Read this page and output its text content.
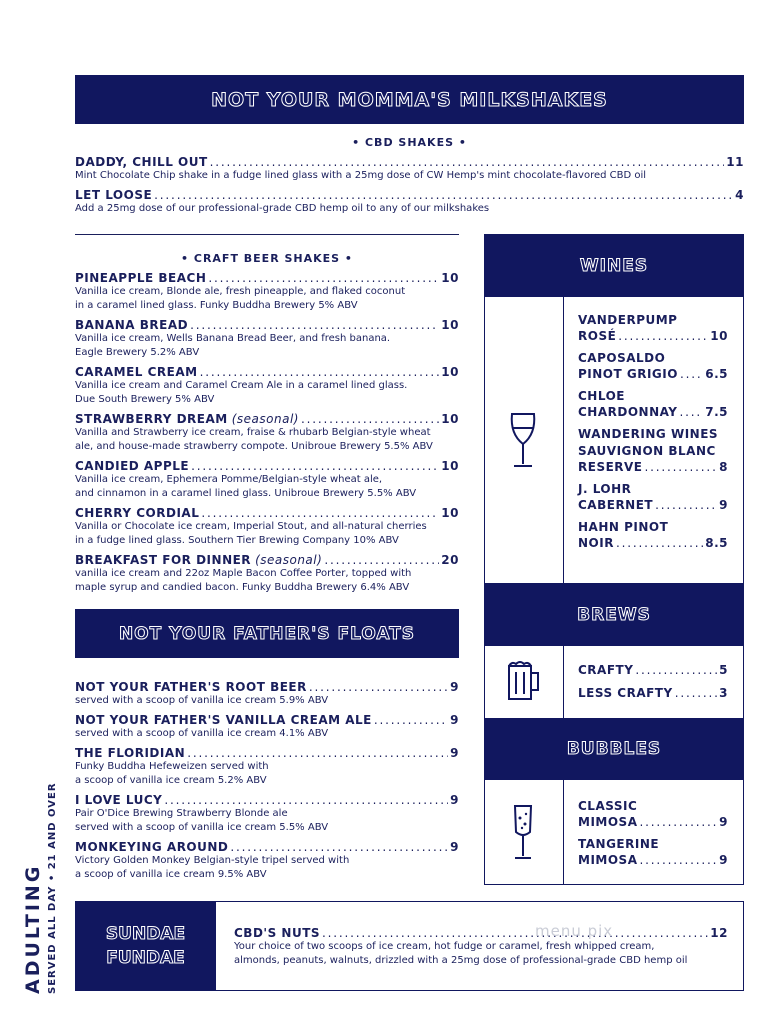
NOT YOUR MOMMA'S MILKSHAKES
• CBD SHAKES •
DADDY, CHILL OUT . . .	11
Mint Chocolate Chip shake in a fudge lined glass with a 25mg dose of CW Hemp's mint chocolate-flavored CBD oil
LET LOOSE . . .	4
Add a 25mg dose of our professional-grade CBD hemp oil to any of our milkshakes
• CRAFT BEER SHAKES •
PINEAPPLE BEACH . . .	10
Vanilla ice cream, Blonde ale, fresh pineapple, and flaked coconut
in a caramel lined glass. Funky Buddha Brewery 5% ABV
BANANA BREAD . . .	10
Vanilla ice cream, Wells Banana Bread Beer, and fresh banana.
Eagle Brewery 5.2% ABV
CARAMEL CREAM . . .	10
Vanilla ice cream and Caramel Cream Ale in a caramel lined glass.
Due South Brewery 5% ABV
STRAWBERRY DREAM (seasonal) . . .	10
Vanilla and Strawberry ice cream, fraise & rhubarb Belgian-style wheat
ale, and house-made strawberry compote. Unibroue Brewery 5.5% ABV
CANDIED APPLE . . .	10
Vanilla ice cream, Ephemera Pomme/Belgian-style wheat ale,
and cinnamon in a caramel lined glass. Unibroue Brewery 5.5% ABV
CHERRY CORDIAL . . .	10
Vanilla or Chocolate ice cream, Imperial Stout, and all-natural cherries
in a fudge lined glass. Southern Tier Brewing Company 10% ABV
BREAKFAST FOR DINNER (seasonal) . . .	20
vanilla ice cream and 22oz Maple Bacon Coffee Porter, topped with
maple syrup and candied bacon. Funky Buddha Brewery 6.4% ABV
NOT YOUR FATHER'S FLOATS
NOT YOUR FATHER'S ROOT BEER . . .	9
served with a scoop of vanilla ice cream 5.9% ABV
NOT YOUR FATHER'S VANILLA CREAM ALE . . .	9
served with a scoop of vanilla ice cream 4.1% ABV
THE FLORIDIAN . . .	9
Funky Buddha Hefeweizen served with
a scoop of vanilla ice cream 5.2% ABV
I LOVE LUCY . . .	9
Pair O'Dice Brewing Strawberry Blonde ale
served with a scoop of vanilla ice cream 5.5% ABV
MONKEYING AROUND . . .	9
Victory Golden Monkey Belgian-style tripel served with
a scoop of vanilla ice cream 9.5% ABV
WINES
VANDERPUMP
ROSÉ . . .	10
CAPOSALDO
PINOT GRIGIO . . . 6.5
CHLOE
CHARDONNAY . . . 7.5
WANDERING WINES
SAUVIGNON BLANC
RESERVE . . .	8
J. LOHR
CABERNET . . .	9
HAHN PINOT
NOIR . . .	8.5
BREWS
CRAFTY . . .	5
LESS CRAFTY . . .	3
BUBBLES
CLASSIC
MIMOSA . . .	9
TANGERINE
MIMOSA . . .	9
SUNDAE
FUNDAE
CBD'S NUTS . . .	12
Your choice of two scoops of ice cream, hot fudge or caramel, fresh whipped cream,
almonds, peanuts, walnuts, drizzled with a 25mg dose of professional-grade CBD hemp oil
menu pix
ADULTING SERVED ALL DAY • 21 AND OVER
